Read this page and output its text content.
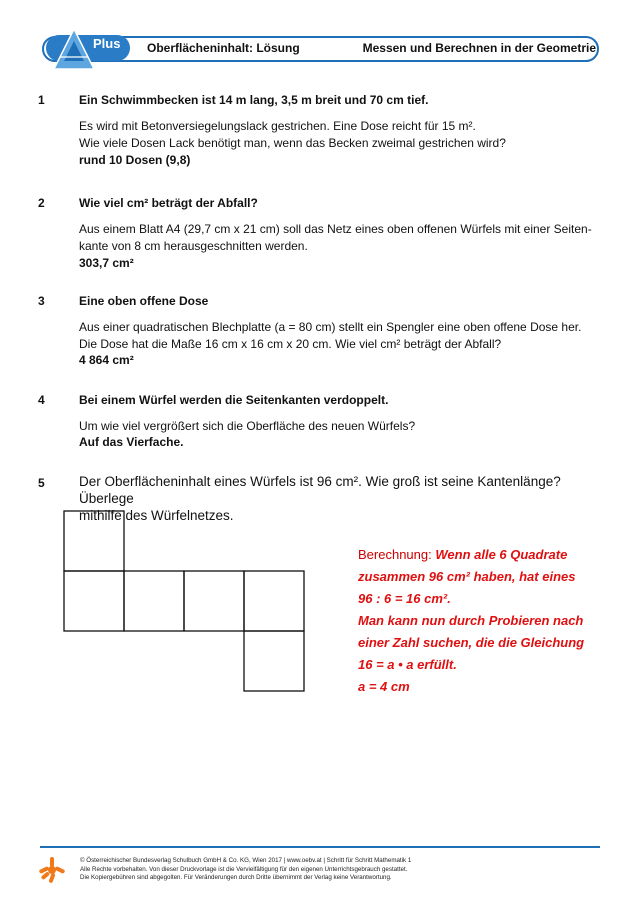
Plus Oberflächeninhalt: Lösung	Messen und Berechnen in der Geometrie
1	Ein Schwimmbecken ist 14 m lang, 3,5 m breit und 70 cm tief.
Es wird mit Betonversiegelungslack gestrichen. Eine Dose reicht für 15 m².
Wie viele Dosen Lack benötigt man, wenn das Becken zweimal gestrichen wird?
rund 10 Dosen (9,8)
2	Wie viel cm² beträgt der Abfall?
Aus einem Blatt A4 (29,7 cm x 21 cm) soll das Netz eines oben offenen Würfels mit einer Seiten-
kante von 8 cm herausgeschnitten werden.
303,7 cm²
3	Eine oben offene Dose
Aus einer quadratischen Blechplatte (a = 80 cm) stellt ein Spengler eine oben offene Dose her.
Die Dose hat die Maße 16 cm x 16 cm x 20 cm. Wie viel cm² beträgt der Abfall?
4 864 cm²
4	Bei einem Würfel werden die Seitenkanten verdoppelt.
Um wie viel vergrößert sich die Oberfläche des neuen Würfels?
Auf das Vierfache.
5	Der Oberflächeninhalt eines Würfels ist 96 cm². Wie groß ist seine Kantenlänge? Überlege
mithilfe des Würfelnetzes.
Berechnung: Wenn alle 6 Quadrate
zusammen 96 cm² haben, hat eines
96 : 6 = 16 cm².
Man kann nun durch Probieren nach
einer Zahl suchen, die die Gleichung
16 = a • a erfüllt.
a = 4 cm
© Österreichischer Bundesverlag Schulbuch GmbH & Co. KG, Wien 2017 | www.oebv.at | Schritt für Schritt Mathematik 1
Alle Rechte vorbehalten. Von dieser Druckvorlage ist die Vervielfältigung für den eigenen Unterrichtsgebrauch gestattet.
Die Kopiergebühren sind abgegolten. Für Veränderungen durch Dritte übernimmt der Verlag keine Verantwortung.
